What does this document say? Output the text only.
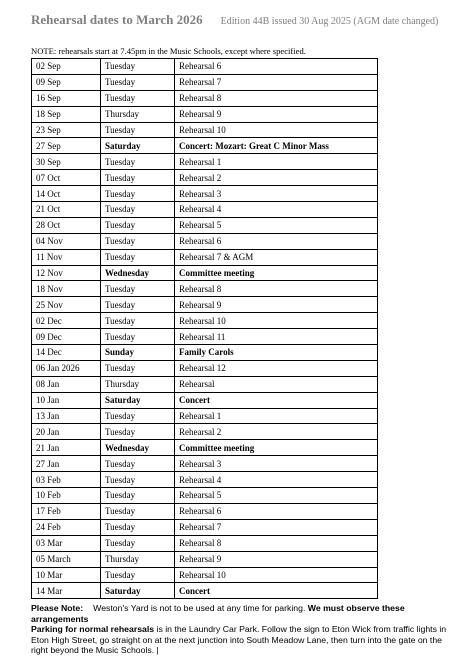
Rehearsal dates to March 2026 Edition 44B issued 30 Aug 2025 (AGM date changed)
NOTE: rehearsals start at 7.45pm in the Music Schools, except where specified.
02 Sep	Tuesday	Rehearsal 6
09 Sep	Tuesday	Rehearsal 7
16 Sep	Tuesday	Rehearsal 8
18 Sep	Thursday	Rehearsal 9
23 Sep	Tuesday	Rehearsal 10
27 Sep	Saturday	Concert: Mozart: Great C Minor Mass
30 Sep	Tuesday	Rehearsal 1
07 Oct	Tuesday	Rehearsal 2
14 Oct	Tuesday	Rehearsal 3
21 Oct	Tuesday	Rehearsal 4
28 Oct	Tuesday	Rehearsal 5
04 Nov	Tuesday	Rehearsal 6
11 Nov	Tuesday	Rehearsal 7 & AGM
12 Nov	Wednesday	Committee meeting
18 Nov	Tuesday	Rehearsal 8
25 Nov	Tuesday	Rehearsal 9
02 Dec	Tuesday	Rehearsal 10
09 Dec	Tuesday	Rehearsal 11
14 Dec	Sunday	Family Carols
06 Jan 2026	Tuesday	Rehearsal 12
08 Jan	Thursday	Rehearsal
10 Jan	Saturday	Concert
13 Jan	Tuesday	Rehearsal 1
20 Jan	Tuesday	Rehearsal 2
21 Jan	Wednesday	Committee meeting
27 Jan	Tuesday	Rehearsal 3
03 Feb	Tuesday	Rehearsal 4
10 Feb	Tuesday	Rehearsal 5
17 Feb	Tuesday	Rehearsal 6
24 Feb	Tuesday	Rehearsal 7
03 Mar	Tuesday	Rehearsal 8
05 March	Thursday	Rehearsal 9
10 Mar	Tuesday	Rehearsal 10
14 Mar	Saturday	Concert
Please Note: Weston's Yard is not to be used at any time for parking. We must observe these arrangements
Parking for normal rehearsals is in the Laundry Car Park. Follow the sign to Eton Wick from traffic lights in Eton High Street, go straight on at the next junction into South Meadow Lane, then turn into the gate on the right beyond the Music Schools. |
